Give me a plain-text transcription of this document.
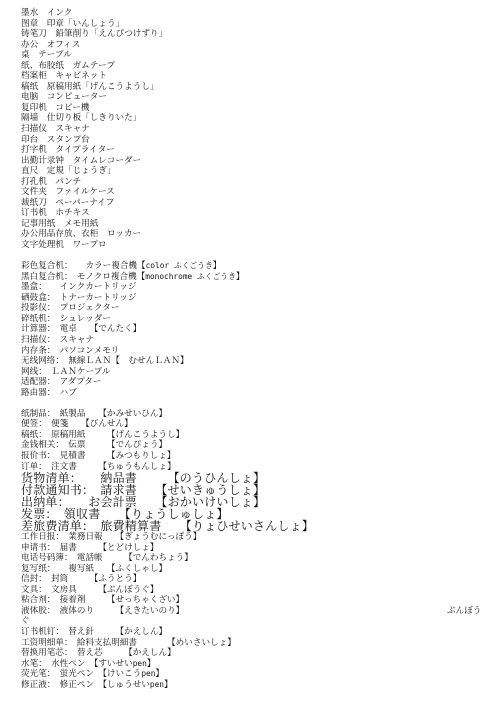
墨水　インク
图章　印章「いんしょう」
铸笔刀　鉛筆削り「えんぴつけずり」
办公　オフィス
桌　テーブル
纸、布胶纸　ガムテープ
档案柜　キャビネット
稿纸　原稿用紙「げんこうようし」
电脑　コンピューター
复印机　コピー機
隔墙　仕切り板「しきりいた」
扫描仪　スキャナ
印台　スタンプ台
打字机　タイプライター
出勤计录钟　タイムレコーダー
直尺　定規「じょうぎ」
打孔机　パンチ
文件夹　ファイルケース
裁纸刀　ペーパーナイフ
订书机　ホチキス
记事用纸　メモ用紙
办公用品存放、衣柜　ロッカー
文字处理机　ワープロ
彩色复合机：　　カラー複合機【color ふくごうき】
黑白复合机：　モノクロ複合機【monochrome ふくごうき】
墨盒：　　インクカートリッジ
硒鼓盒：　トナーカートリッジ
投影仪：　プロジェクター
碎纸机：　シュレッダー
计算器：　電卓　　【でんたく】
扫描仪：　スキャナ
内存条：　パソコンメモリ
无线网络：　無線ＬＡＮ【　むせんＬＡＮ】
网线：　ＬＡＮケーブル
适配器：　アダプター
路由器：　ハブ
纸制品：　紙製品　　【かみせいひん】
便签：　便箋　　【びんせん】
稿纸：　原稿用紙　　　【げんこうようし】
金钱相关：　伝票　　　【でんぴょう】
报价书：　見積書　　　【みつもりしょ】
订单：　注文書　　　【ちゅうもんしょ】
货物清单：　　納品書　　　【のうひんしょ】
付款通知书：　請求書　　【せいきゅうしょ】
出纳单：　　お会計票　　【おかいけいしょ】
发票：　領収書　　【りょうしゅしょ】
差旅费清单：　旅費精算書　　【りょひせいさんしょ】
工作日报：　業務日報　　【ぎょうむにっぽう】
申请书：　届書　　　【とどけしょ】
电话号码簿：　電話帳　　　【でんわちょう】
复写纸：　　複写紙　　【ふくしゃし】
信封：　封筒　　　【ふうとう】
文具：　文房具　　　【ぶんぼうぐ】
粘合剂：　接着剤　　　【せっちゃくざい】
液体胶：　液体のり　　　【えきたいのり】	ぶんぼう
ぐ
订书机钉：　替え針　　　【かえしん】
工资明细单：　給料支払明細書　　　　【めいさいしょ】
替换用笔芯：　替え芯　　　【かえしん】
水笔：　水性ペン　【すいせいpen】
荧光笔：　蛍光ペン　【けいこうpen】
修正液：　修正ペン　【しゅうせいpen】
